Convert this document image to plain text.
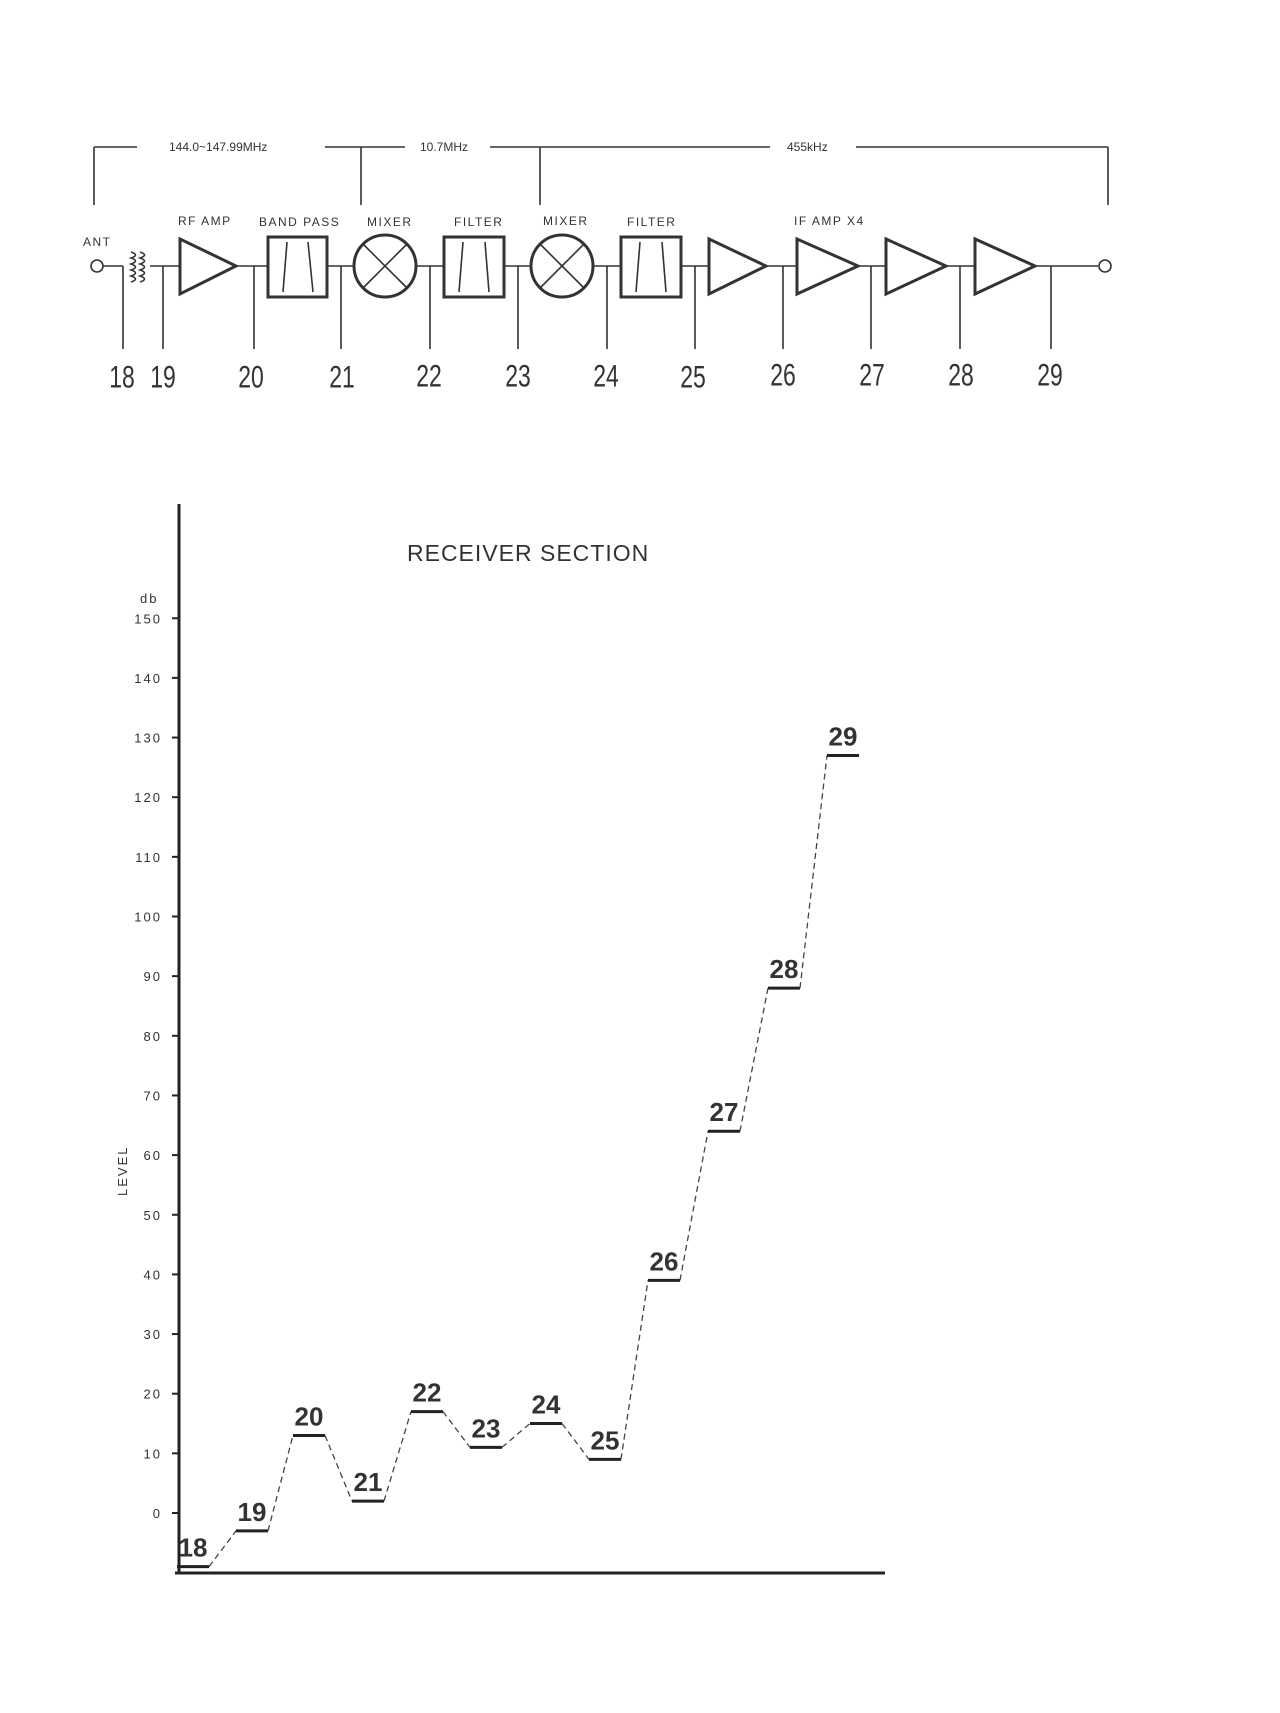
144.0~147.99MHz	10.7MHz	455kHz
ANT
RF AMP BAND PASS MIXER	FILTER	MIXER	FILTER	IF AMP X4
18 19 20 21 22 23 24 25 26 27 28 29
RECEIVER SECTION
db
LEVEL
0
10
20
30
40
50
60
70
80
90
100
110
120
130
140
150
18
19
20
21
22
23
24
25
26
27
28
29
